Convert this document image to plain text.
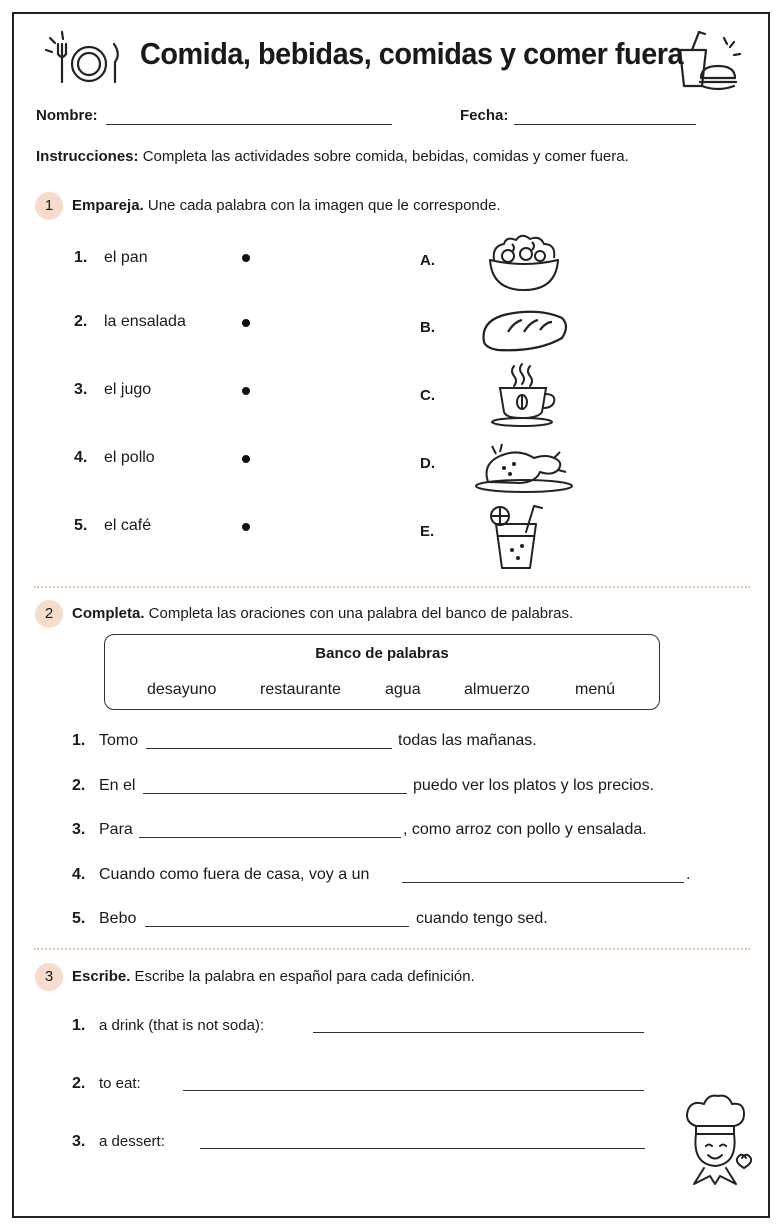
Comida, bebidas, comidas y comer fuera
Nombre:	Fecha:
Instrucciones: Completa las actividades sobre comida, bebidas, comidas y comer fuera.
1	Empareja. Une cada palabra con la imagen que le corresponde.
1. el pan	A.
2. la ensalada	B.
3. el jugo	C.
4. el pollo	D.
5. el café	E.
2	Completa. Completa las oraciones con una palabra del banco de palabras.
Banco de palabras
desayuno	restaurante	agua	almuerzo	menú
1. Tomo	todas las mañanas.
2. En el	puedo ver los platos y los precios.
3. Para	, como arroz con pollo y ensalada.
4. Cuando como fuera de casa, voy a un	.
5. Bebo	cuando tengo sed.
3	Escribe. Escribe la palabra en español para cada definición.
1. a drink (that is not soda):
2. to eat:
3. a dessert:
